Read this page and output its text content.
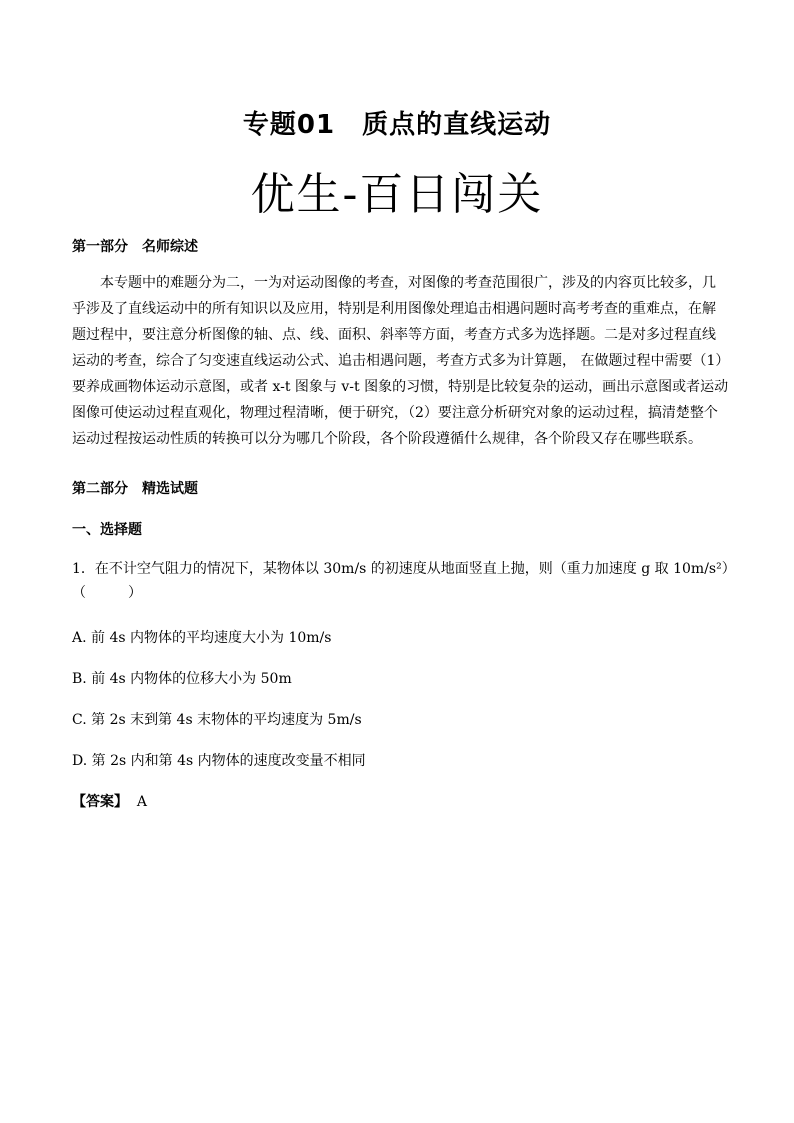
专题01　质点的直线运动
优生-百日闯关
第一部分　名师综述
本专题中的难题分为二，一为对运动图像的考查，对图像的考查范围很广，涉及的内容页比较多，几
乎涉及了直线运动中的所有知识以及应用，特别是利用图像处理追击相遇问题时高考考查的重难点，在解
题过程中，要注意分析图像的轴、点、线、面积、斜率等方面，考查方式多为选择题。二是对多过程直线
运动的考查，综合了匀变速直线运动公式、追击相遇问题，考查方式多为计算题， 在做题过程中需要（1）
要养成画物体运动示意图，或者 x-t 图象与 v-t 图象的习惯，特别是比较复杂的运动，画出示意图或者运动
图像可使运动过程直观化，物理过程清晰，便于研究，（2）要注意分析研究对象的运动过程，搞清楚整个
运动过程按运动性质的转换可以分为哪几个阶段，各个阶段遵循什么规律，各个阶段又存在哪些联系。
第二部分　精选试题
一、选择题
1．在不计空气阻力的情况下，某物体以 30m/s 的初速度从地面竖直上抛，则（重力加速度 g 取 10m/s²）
（　　　）
A. 前 4s 内物体的平均速度大小为 10m/s
B. 前 4s 内物体的位移大小为 50m
C. 第 2s 末到第 4s 末物体的平均速度为 5m/s
D. 第 2s 内和第 4s 内物体的速度改变量不相同
【答案】 A
